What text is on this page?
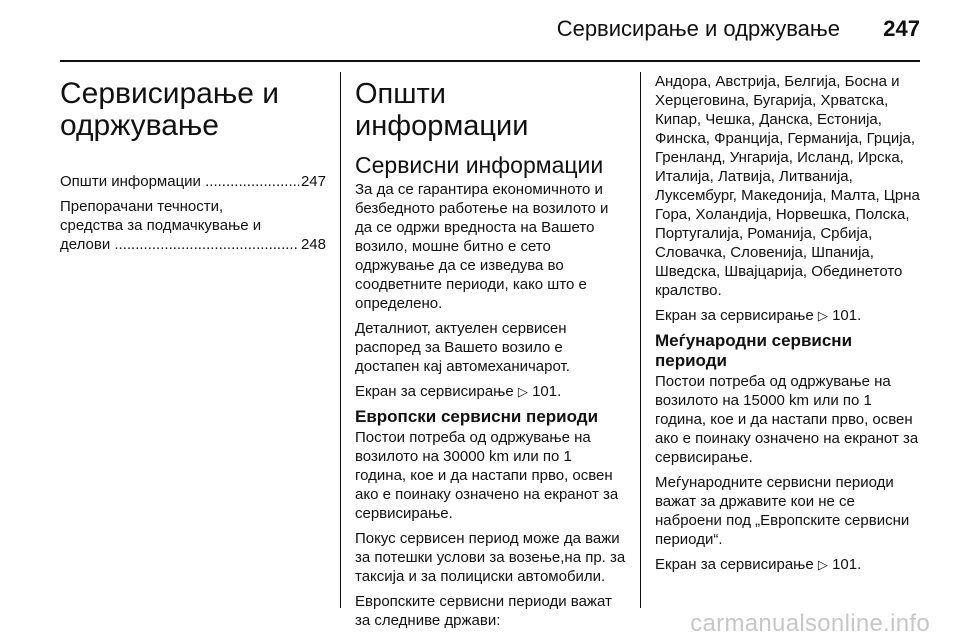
Сервисирање и одржување 247
Сервисирање и
одржување
Општи информации .....	247
Препорачани течности,
средства за подмачкување и
делови .....	248
Општи информации
Сервисни информации

За да се гарантира економичното и безбедното работење на возилото и да се одржи вредноста на Вашето возило, мошне битно е сето одржување да се изведува во соодветните периоди, како што е определено.

Деталниот, актуелен сервисен распоред за Вашето возило е достапен кај автомеханичарот.

Екран за сервисирање ▷ 101.

Европски сервисни периоди

Постои потреба од одржување на возилото на 30000 km или по 1 година, кое и да настапи прво, освен ако е поинаку означено на екранот за сервисирање.

Покус сервисен период може да важи за потешки услови за возење,на пр. за таксија и за полициски автомобили.

Европските сервисни периоди важат за следниве држави:

Андора, Австрија, Белгија, Босна и Херцеговина, Бугарија, Хрватска, Кипар, Чешка, Данска, Естонија, Финска, Франција, Германија, Грција, Гренланд, Унгарија, Исланд, Ирска, Италија, Латвија, Литванија, Луксембург, Македонија, Малта, Црна Гора, Холандија, Норвешка, Полска, Португалија, Романија, Србија, Словачка, Словенија, Шпанија, Шведска, Швајцарија, Обединетото кралство.

Екран за сервисирање ▷ 101.

Меѓународни сервисни
периоди

Постои потреба од одржување на возилото на 15000 km или по 1 година, кое и да настапи прво, освен ако е поинаку означено на екранот за сервисирање.

Меѓународните сервисни периоди важат за државите кои не се наброени под „Европските сервисни периоди“.

Екран за сервисирање ▷ 101.

carmanualsonline.info
